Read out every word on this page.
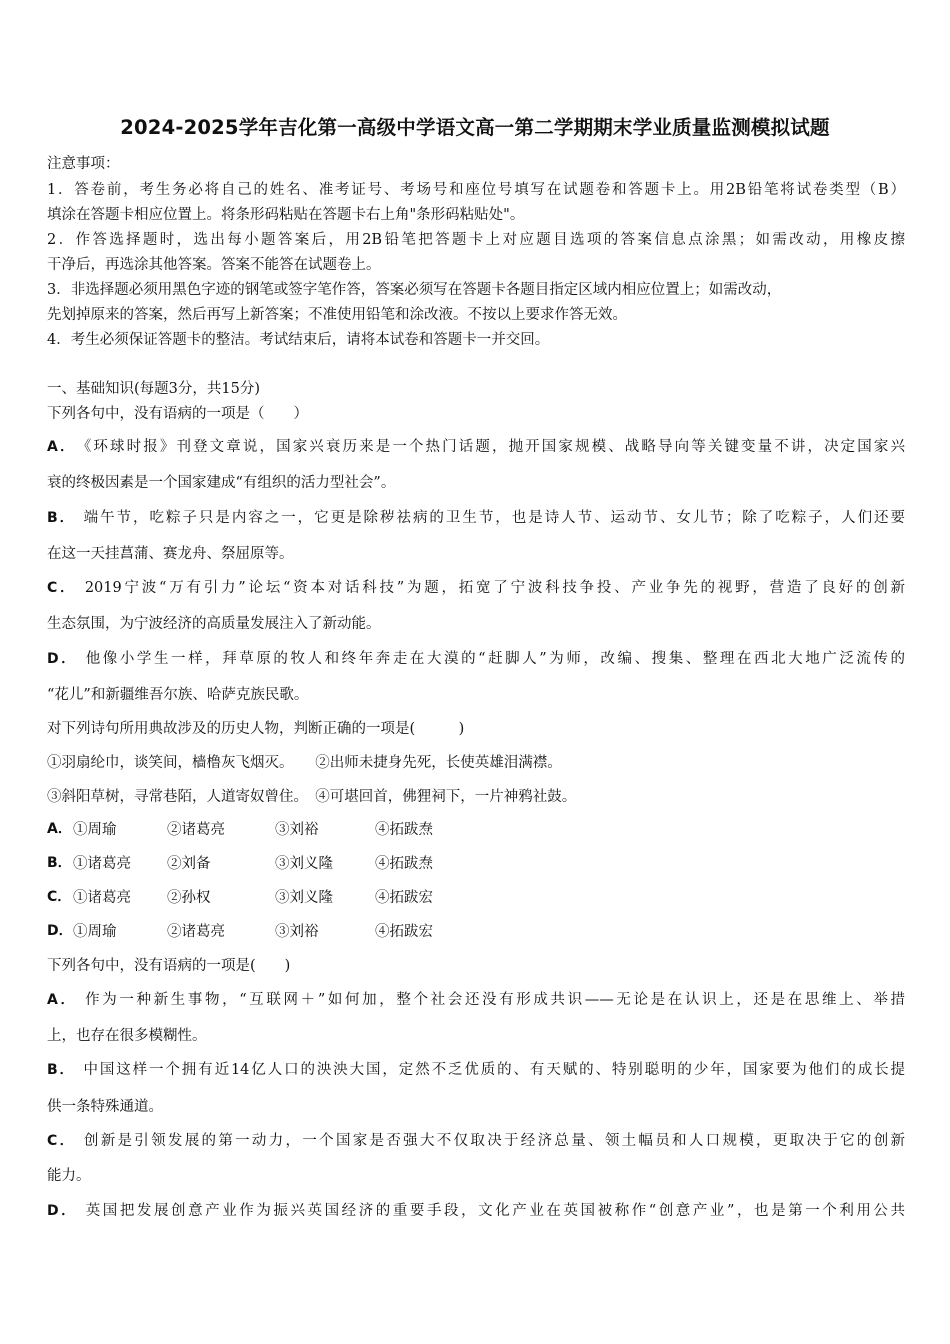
2024-2025学年吉化第一高级中学语文高一第二学期期末学业质量监测模拟试题
注意事项：
1．答卷前，考生务必将自己的姓名、准考证号、考场号和座位号填写在试题卷和答题卡上。用2B铅笔将试卷类型（B）
填涂在答题卡相应位置上。将条形码粘贴在答题卡右上角"条形码粘贴处"。
2．作答选择题时，选出每小题答案后，用2B铅笔把答题卡上对应题目选项的答案信息点涂黑；如需改动，用橡皮擦
干净后，再选涂其他答案。答案不能答在试题卷上。
3．非选择题必须用黑色字迹的钢笔或签字笔作答，答案必须写在答题卡各题目指定区域内相应位置上；如需改动，
先划掉原来的答案，然后再写上新答案；不准使用铅笔和涂改液。不按以上要求作答无效。
4．考生必须保证答题卡的整洁。考试结束后，请将本试卷和答题卡一并交回。
一、基础知识(每题3分，共15分)
下列各句中，没有语病的一项是（　　）
A． 《环球时报》刊登文章说，国家兴衰历来是一个热门话题，抛开国家规模、战略导向等关键变量不讲，决定国家兴
衰的终极因素是一个国家建成“有组织的活力型社会”。
B． 端午节，吃粽子只是内容之一，它更是除秽祛病的卫生节，也是诗人节、运动节、女儿节；除了吃粽子，人们还要
在这一天挂菖蒲、赛龙舟、祭屈原等。
C． 2019宁波“万有引力”论坛“资本对话科技”为题，拓宽了宁波科技争投、产业争先的视野，营造了良好的创新
生态氛围，为宁波经济的高质量发展注入了新动能。
D． 他像小学生一样，拜草原的牧人和终年奔走在大漠的“赶脚人”为师，改编、搜集、整理在西北大地广泛流传的
“花儿”和新疆维吾尔族、哈萨克族民歌。
对下列诗句所用典故涉及的历史人物，判断正确的一项是(　　　)
①羽扇纶巾，谈笑间，樯橹灰飞烟灭。　　②出师未捷身先死，长使英雄泪满襟。
③斜阳草树，寻常巷陌，人道寄奴曾住。　④可堪回首，佛狸祠下，一片神鸦社鼓。
A． ①周瑜	②诸葛亮	③刘裕	④拓跋焘
B． ①诸葛亮 ②刘备	③刘义隆	④拓跋焘
C． ①诸葛亮 ②孙权	③刘义隆	④拓跋宏
D． ①周瑜	②诸葛亮	③刘裕	④拓跋宏
下列各句中，没有语病的一项是(　　)
A． 作为一种新生事物，“互联网＋”如何加，整个社会还没有形成共识——无论是在认识上，还是在思维上、举措
上，也存在很多模糊性。
B． 中国这样一个拥有近14亿人口的泱泱大国，定然不乏优质的、有天赋的、特别聪明的少年，国家要为他们的成长提
供一条特殊通道。
C． 创新是引领发展的第一动力，一个国家是否强大不仅取决于经济总量、领土幅员和人口规模，更取决于它的创新
能力。
D． 英国把发展创意产业作为振兴英国经济的重要手段，文化产业在英国被称作“创意产业”，也是第一个利用公共
